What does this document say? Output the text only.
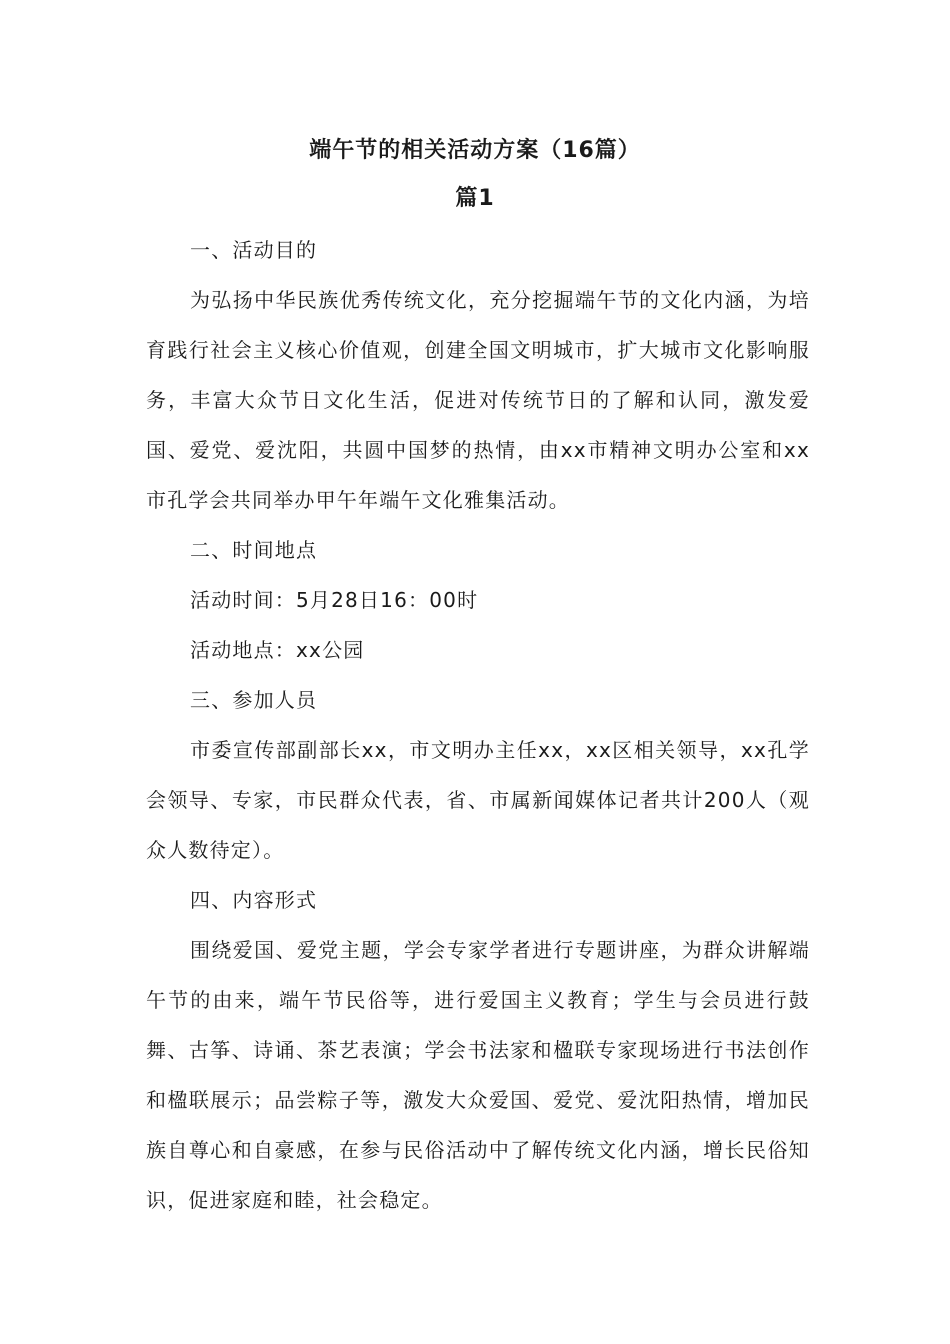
端午节的相关活动方案（16篇）
篇1
一、活动目的
为弘扬中华民族优秀传统文化，充分挖掘端午节的文化内涵，为培育践行社会主义核心价值观，创建全国文明城市，扩大城市文化影响服务，丰富大众节日文化生活，促进对传统节日的了解和认同，激发爱国、爱党、爱沈阳，共圆中国梦的热情，由xx市精神文明办公室和xx市孔学会共同举办甲午年端午文化雅集活动。
二、时间地点
活动时间：5月28日16：00时
活动地点：xx公园
三、参加人员
市委宣传部副部长xx，市文明办主任xx，xx区相关领导，xx孔学会领导、专家，市民群众代表，省、市属新闻媒体记者共计200人（观众人数待定）。
四、内容形式
围绕爱国、爱党主题，学会专家学者进行专题讲座，为群众讲解端午节的由来，端午节民俗等，进行爱国主义教育；学生与会员进行鼓舞、古筝、诗诵、茶艺表演；学会书法家和楹联专家现场进行书法创作和楹联展示；品尝粽子等，激发大众爱国、爱党、爱沈阳热情，增加民族自尊心和自豪感，在参与民俗活动中了解传统文化内涵，增长民俗知识，促进家庭和睦，社会稳定。
